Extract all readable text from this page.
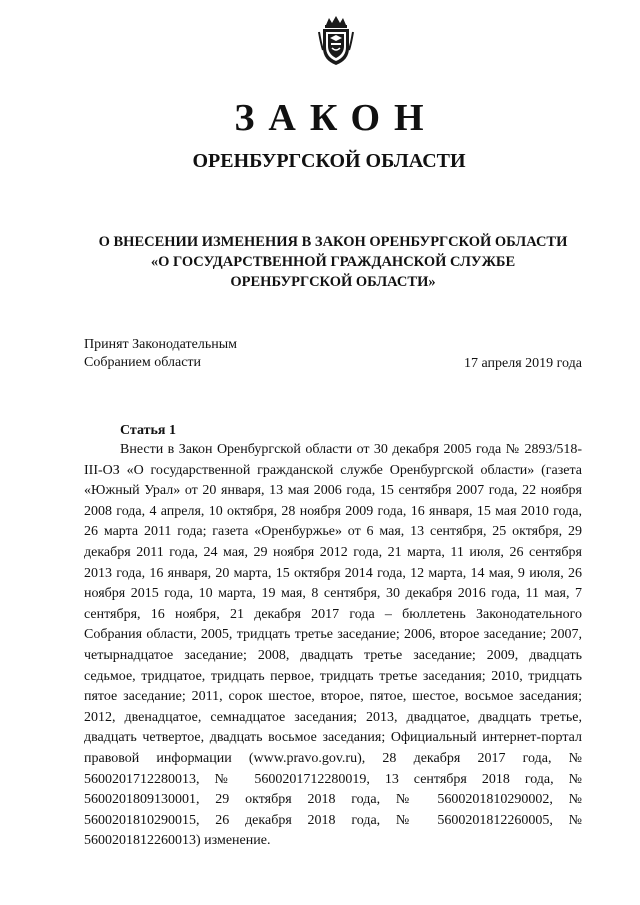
ЗАКОН
ОРЕНБУРГСКОЙ ОБЛАСТИ
О ВНЕСЕНИИ ИЗМЕНЕНИЯ В ЗАКОН ОРЕНБУРГСКОЙ ОБЛАСТИ
«О ГОСУДАРСТВЕННОЙ ГРАЖДАНСКОЙ СЛУЖБЕ
ОРЕНБУРГСКОЙ ОБЛАСТИ»
Принят Законодательным
Собранием области	17 апреля 2019 года
Статья 1

Внести в Закон Оренбургской области от 30 декабря 2005 года № 2893/518-III-ОЗ «О государственной гражданской службе Оренбургской области» (газета «Южный Урал» от 20 января, 13 мая 2006 года, 15 сентября 2007 года, 22 ноября 2008 года, 4 апреля, 10 октября, 28 ноября 2009 года, 16 января, 15 мая 2010 года, 26 марта 2011 года; газета «Оренбуржье» от 6 мая, 13 сентября, 25 октября, 29 декабря 2011 года, 24 мая, 29 ноября 2012 года, 21 марта, 11 июля, 26 сентября 2013 года, 16 января, 20 марта, 15 октября 2014 года, 12 марта, 14 мая, 9 июля, 26 ноября 2015 года, 10 марта, 19 мая, 8 сентября, 30 декабря 2016 года, 11 мая, 7 сентября, 16 ноября, 21 декабря 2017 года – бюллетень Законодательного Собрания области, 2005, тридцать третье заседание; 2006, второе заседание; 2007, четырнадцатое заседание; 2008, двадцать третье заседание; 2009, двадцать седьмое, тридцатое, тридцать первое, тридцать третье заседания; 2010, тридцать пятое заседание; 2011, сорок шестое, второе, пятое, шестое, восьмое заседания; 2012, двенадцатое, семнадцатое заседания; 2013, двадцатое, двадцать третье, двадцать четвертое, двадцать восьмое заседания; Официальный интернет-портал правовой информации (www.pravo.gov.ru), 28 декабря 2017 года, № 5600201712280013, № 5600201712280019, 13 сентября 2018 года, № 5600201809130001, 29 октября 2018 года, № 5600201810290002, № 5600201810290015, 26 декабря 2018 года, № 5600201812260005, № 5600201812260013) изменение.
